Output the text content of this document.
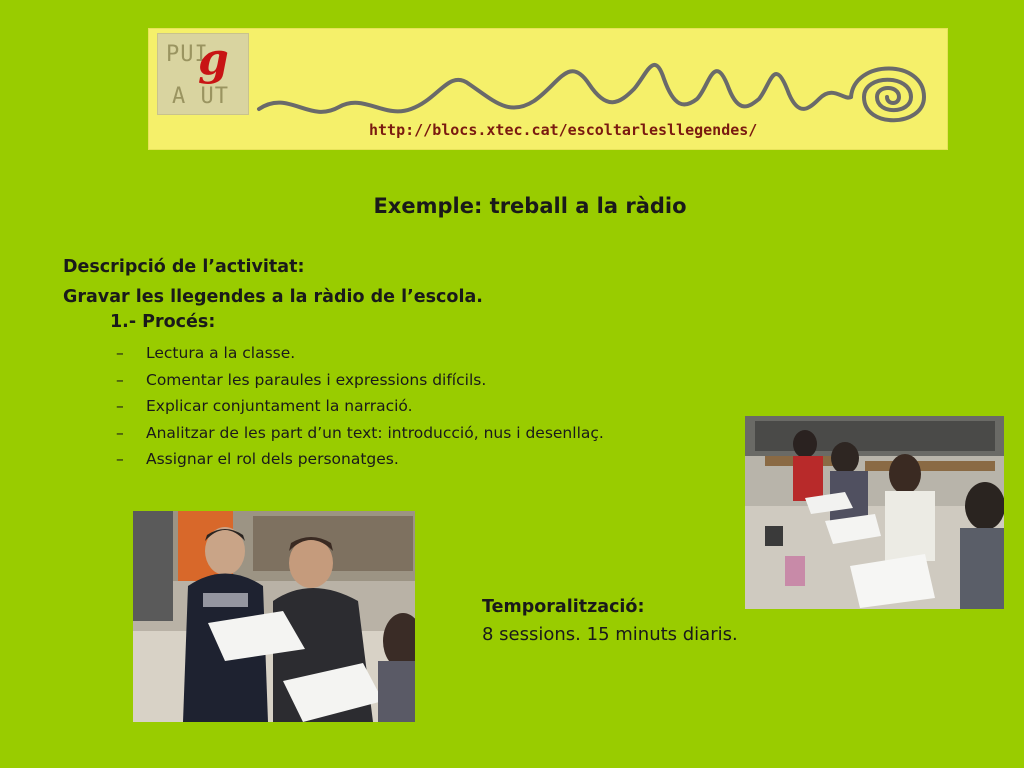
PUI
g
A UT
http://blocs.xtec.cat/escoltarlesllegendes/
Exemple: treball a la ràdio
Descripció de l’activitat:
Gravar les llegendes a la ràdio de l’escola.
1.- Procés:
– Lectura a la classe.
– Comentar les paraules i expressions difícils.
– Explicar conjuntament la narració.
– Analitzar de les part d’un text: introducció, nus i desenllaç.
– Assignar el rol dels personatges.
Temporalització:
8 sessions. 15 minuts diaris.
